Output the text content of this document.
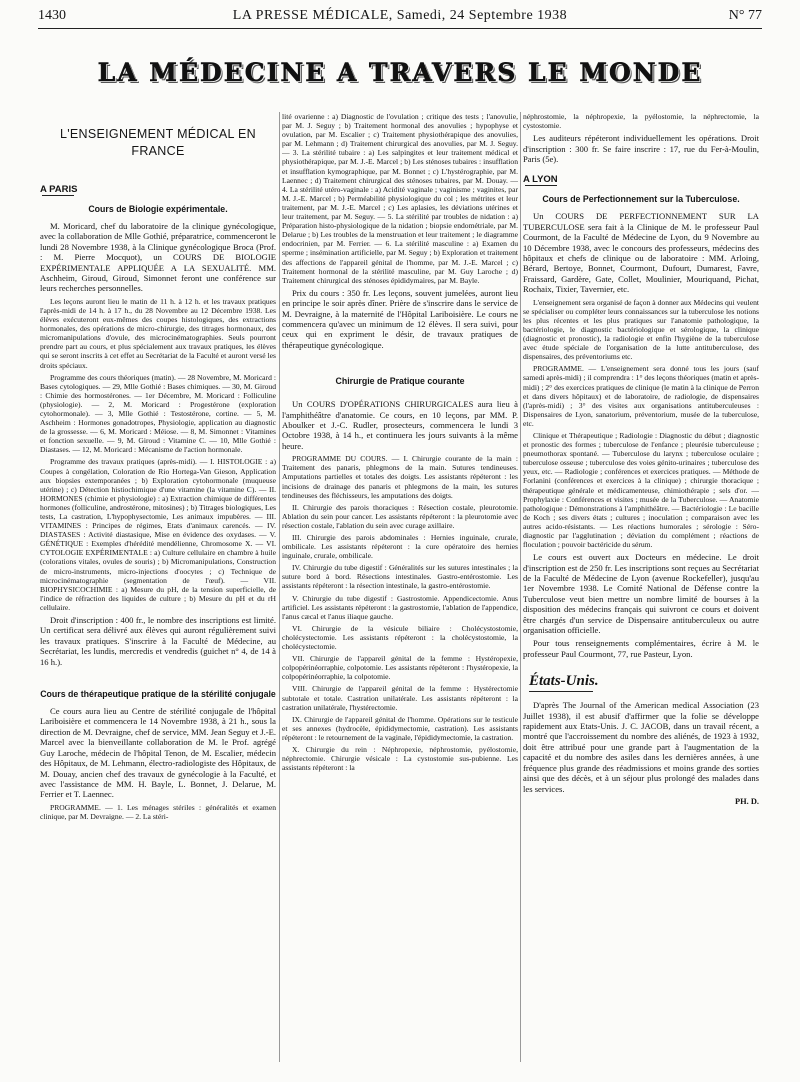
1430	LA PRESSE MÉDICALE, Samedi, 24 Septembre 1938	N° 77
LA MÉDECINE A TRAVERS LE MONDE
L'ENSEIGNEMENT MÉDICAL EN FRANCE
A PARIS
Cours de Biologie expérimentale.

M. Moricard, chef du laboratoire de la clinique gynécologique, avec la collaboration de Mlle Gothié, préparatrice, commenceront le lundi 28 Novembre 1938, à la Clinique gynécologique Broca (Prof. : M. Pierre Mocquot), un COURS DE BIOLOGIE EXPÉRIMENTALE APPLIQUÉE A LA SEXUALITÉ. MM. Aschheim, Giroud, Giroud, Simonnet feront une conférence sur leurs recherches personnelles.

Les leçons auront lieu le matin de 11 h. à 12 h. et les travaux pratiques l'après-midi de 14 h. à 17 h., du 28 Novembre au 12 Décembre 1938. Les élèves exécuteront eux-mêmes des coupes histologiques, des extractions hormonales, des opérations de micro-chirurgie, des titrages hormonaux, des micromanipulations d'ovule, des microcinématographies. Seuls pourront prendre part au cours, et plus spécialement aux travaux pratiques, les élèves qui se seront inscrits à cet effet au Secrétariat de la Faculté et auront versé les droits spéciaux.

Programme des cours théoriques (matin). — 28 Novembre, M. Moricard : Bases cytologiques. — 29, Mlle Gothié : Bases chimiques. — 30, M. Giroud : Chimie des hormostérones. — 1er Décembre, M. Moricard : Folliculine (physiologie). — 2, M. Moricard : Progestérone (exploration cytohormonale). — 3, Mlle Gothié : Testostérone, cortine. — 5, M. Aschheim : Hormones gonadotropes, Physiologie, application au diagnostic de la grossesse. — 6, M. Moricard : Méiose. — 8, M. Simonnet : Vitamines et fonction sexuelle. — 9, M. Giroud : Vitamine C. — 10, Mlle Gothié : Diastases. — 12, M. Moricard : Mécanisme de l'action hormonale.

Programme des travaux pratiques (après-midi). — I. HISTOLOGIE : a) Coupes à congélation, Coloration de Rio Hortega-Van Gieson, Application aux biopsies extemporanées ; b) Exploration cytohormonale (muqueuse utérine) ; c) Détection histiochimique d'une vitamine (la vitamine C). — II. HORMONES (chimie et physiologie) : a) Extraction chimique de différentes hormones (folliculine, androstérone, mitosines) ; b) Titrages biologiques, Les tests, La castration, L'hypophysectomie, Les animaux impubères. — III. VITAMINES : Principes de régimes, Etats d'animaux carencés. — IV. DIASTASES : Activité diastasique, Mise en évidence des oxydases. — V. GÉNÉTIQUE : Exemples d'hérédité mendélienne, Chromosome X. — VI. CYTOLOGIE EXPÉRIMENTALE : a) Culture cellulaire en chambre à huile (colorations vitales, ovules de souris) ; b) Micromanipulations, Construction de micro-instruments, micro-injections d'oocytes ; c) Technique de microcinématographie (segmentation de l'œuf). — VII. BIOPHYSICOCHIMIE : a) Mesure du pH, de la tension superficielle, de l'indice de réfraction des liquides de culture ; b) Mesure du pH et du rH cellulaire.

Droit d'inscription : 400 fr., le nombre des inscriptions est limité. Un certificat sera délivré aux élèves qui auront régulièrement suivi les travaux pratiques. S'inscrire à la Faculté de Médecine, au Secrétariat, les lundis, mercredis et vendredis (guichet n° 4, de 14 à 16 h.).

Cours de thérapeutique pratique de la stérilité conjugale

Ce cours aura lieu au Centre de stérilité conjugale de l'hôpital Lariboisière et commencera le 14 Novembre 1938, à 21 h., sous la direction de M. Devraigne, chef de service, MM. Jean Seguy et J.-E. Marcel avec la bienveillante collaboration de M. le Prof. agrégé Guy Laroche, médecin de l'hôpital Tenon, de M. Escalier, médecin des Hôpitaux, de M. Lehmann, électro-radiologiste des Hôpitaux, de M. Douay, ancien chef des travaux de gynécologie à la Faculté, et avec l'assistance de MM. H. Bayle, L. Bonnet, J. Delarue, M. Ferrier et T. Laennec.

PROGRAMME. — 1. Les ménages stériles : généralités et examen clinique, par M. Devraigne. — 2. La stéri-

lité ovarienne : a) Diagnostic de l'ovulation ; critique des tests ; l'anovulie, par M. J. Seguy ; b) Traitement hormonal des anovulies ; hypophyse et ovulation, par M. Escalier ; c) Traitement physiothérapique des anovulies, par M. Lehmann ; d) Traitement chirurgical des anovulies, par M. J. Seguy. — 3. La stérilité tubaire : a) Les salpingites et leur traitement médical et physiothérapique, par M. J.-E. Marcel ; b) Les sténoses tubaires : insufflation et insufflation kymographique, par M. Bonnet ; c) L'hystérographie, par M. Laennec ; d) Traitement chirurgical des sténoses tubaires, par M. Douay. — 4. La stérilité utéro-vaginale : a) Acidité vaginale ; vaginisme ; vaginites, par M. J.-E. Marcel ; b) Perméabilité physiologique du col ; les métrites et leur traitement, par M. J.-E. Marcel ; c) Les aplasies, les déviations utérines et leur traitement, par M. Seguy. — 5. La stérilité par troubles de nidation : a) Préparation histo-physiologique de la nidation ; biopsie endométriale, par M. Delarue ; b) Les troubles de la menstruation et leur traitement ; le diagramme endocrinien, par M. Ferrier. — 6. La stérilité masculine : a) Examen du sperme ; insémination artificielle, par M. Seguy ; b) Exploration et traitement des affections de l'appareil génital de l'homme, par M. J.-E. Marcel ; c) Traitement hormonal de la stérilité masculine, par M. Guy Laroche ; d) Traitement chirurgical des sténoses épididymaires, par M. Bayle.

Prix du cours : 350 fr. Les leçons, souvent jumelées, auront lieu en principe le soir après dîner. Prière de s'inscrire dans le service de M. Devraigne, à la maternité de l'Hôpital Lariboisière. Le cours ne commencera qu'avec un minimum de 12 élèves. Il sera suivi, pour ceux qui en expriment le désir, de travaux pratiques de thérapeutique gynécologique.

Chirurgie de Pratique courante

Un COURS D'OPÉRATIONS CHIRURGICALES aura lieu à l'amphithéâtre d'anatomie. Ce cours, en 10 leçons, par MM. P. Aboulker et J.-C. Rudler, prosecteurs, commencera le lundi 3 Octobre 1938, à 14 h., et continuera les jours suivants à la même heure.

PROGRAMME DU COURS. — I. Chirurgie courante de la main : Traitement des panaris, phlegmons de la main. Sutures tendineuses. Amputations partielles et totales des doigts. Les assistants répéteront : les incisions de drainage des panaris et phlegmons de la main, les sutures tendineuses des fléchisseurs, les amputations des doigts.

II. Chirurgie des parois thoraciques : Résection costale, pleurotomie. Ablation du sein pour cancer. Les assistants répéteront : la pleurotomie avec résection costale, l'ablation du sein avec curage axillaire.

III. Chirurgie des parois abdominales : Hernies inguinale, crurale, ombilicale. Les assistants répéteront : la cure opératoire des hernies inguinale, crurale, ombilicale.

IV. Chirurgie du tube digestif : Généralités sur les sutures intestinales ; la suture bord à bord. Résections intestinales. Gastro-entérostomie. Les assistants répéteront : la résection intestinale, la gastro-entérostomie.

V. Chirurgie du tube digestif : Gastrostomie. Appendicectomie. Anus artificiel. Les assistants répéteront : la gastrostomie, l'ablation de l'appendice, l'anus cæcal et l'anus iliaque gauche.

VI. Chirurgie de la vésicule biliaire : Cholécystostomie, cholécystectomie. Les assistants répéteront : la cholécystostomie, la cholécystectomie.

VII. Chirurgie de l'appareil génital de la femme : Hystéropexie, colpopérinéorraphie, colpotomie. Les assistants répéteront : l'hystéropexie, la colpopérinéorraphie, la colpotomie.

VIII. Chirurgie de l'appareil génital de la femme : Hystérectomie subtotale et totale. Castration unilatérale. Les assistants répéteront : la castration unilatérale, l'hystérectomie.

IX. Chirurgie de l'appareil génital de l'homme. Opérations sur le testicule et ses annexes (hydrocèle, épididymectomie, castration). Les assistants répéteront : le retournement de la vaginale, l'épididymectomie, la castration.

X. Chirurgie du rein : Néphropexie, néphrostomie, pyélostomie, néphrectomie. Chirurgie vésicale : La cystostomie sus-pubienne. Les assistants répéteront : la

néphrostomie, la néphropexie, la pyélostomie, la néphrectomie, la cystostomie.

Les auditeurs répéteront individuellement les opérations. Droit d'inscription : 300 fr. Se faire inscrire : 17, rue du Fer-à-Moulin, Paris (5e).

A LYON
Cours de Perfectionnement sur la Tuberculose.

Un COURS DE PERFECTIONNEMENT SUR LA TUBERCULOSE sera fait à la Clinique de M. le professeur Paul Courmont, de la Faculté de Médecine de Lyon, du 9 Novembre au 10 Décembre 1938, avec le concours des professeurs, médecins des hôpitaux et chefs de clinique ou de laboratoire : MM. Arloing, Bérard, Bertoye, Bonnet, Courmont, Dufourt, Dumarest, Favre, Fraissard, Gardère, Gate, Collet, Moulinier, Mouriquand, Pichat, Rochaix, Tixier, Tavernier, etc.

L'enseignement sera organisé de façon à donner aux Médecins qui veulent se spécialiser ou compléter leurs connaissances sur la tuberculose les notions les plus récentes et les plus pratiques sur l'anatomie pathologique, la bactériologie, le diagnostic bactériologique et sérologique, la clinique (diagnostic et pronostic), la radiologie et enfin l'hygiène de la tuberculose avec étude spéciale de l'organisation de la lutte antituberculose, des dispensaires, des préventoriums etc.

PROGRAMME. — L'enseignement sera donné tous les jours (sauf samedi après-midi) ; il comprendra : 1° des leçons théoriques (matin et après-midi) ; 2° des exercices pratiques de clinique (le matin à la clinique de Perron et dans divers hôpitaux) et de laboratoire, de radiologie, de dispensaires (l'après-midi) ; 3° des visites aux organisations antituberculeuses : Dispensaires de Lyon, sanatorium, préventorium, musée de la tuberculose, etc.

Clinique et Thérapeutique ; Radiologie : Diagnostic du début ; diagnostic et pronostic des formes ; tuberculose de l'enfance ; pleurésie tuberculeuse ; pneumothorax spontané. — Tuberculose du larynx ; tuberculose oculaire ; tuberculose osseuse ; tuberculose des voies génito-urinaires ; tuberculose des yeux, etc. — Radiologie ; conférences et exercices pratiques. — Méthode de Forlanini (conférences et exercices à la clinique) ; chirurgie thoracique ; thérapeutique générale et médicamenteuse, chimiothérapie ; sels d'or. — Prophylaxie : Conférences et visites ; musée de la Tuberculose. — Anatomie pathologique : Démonstrations à l'amphithéâtre. — Bactériologie : Le bacille de Koch ; ses divers états ; cultures ; inoculation ; comparaison avec les autres acido-résistants. — Les réactions humorales ; sérologie : Séro-diagnostic par l'agglutination ; déviation du complément ; réactions de floculation ; pouvoir bactéricide du sérum.

Le cours est ouvert aux Docteurs en médecine. Le droit d'inscription est de 250 fr. Les inscriptions sont reçues au Secrétariat de la Faculté de Médecine de Lyon (avenue Rockefeller), jusqu'au 1er Novembre 1938. Le Comité National de Défense contre la Tuberculose veut bien mettre un nombre limité de bourses à la disposition des médecins français qui suivront ce cours et doivent être chargés d'un service de Dispensaire antituberculeux ou autre organisation officielle.

Pour tous renseignements complémentaires, écrire à M. le professeur Paul Courmont, 77, rue Pasteur, Lyon.

États-Unis.

D'après The Journal of the American medical Association (23 Juillet 1938), il est abusif d'affirmer que la folie se développe rapidement aux Etats-Unis. J. C. JACOB, dans un travail récent, a montré que l'accroissement du nombre des aliénés, de 1923 à 1932, doit être attribué pour une grande part à l'augmentation de la capacité et du nombre des asiles dans les dernières années, à une fréquence plus grande des réadmissions et moins grande des sorties ainsi que des décès, et à un séjour plus prolongé des malades dans les services.

PH. D.
